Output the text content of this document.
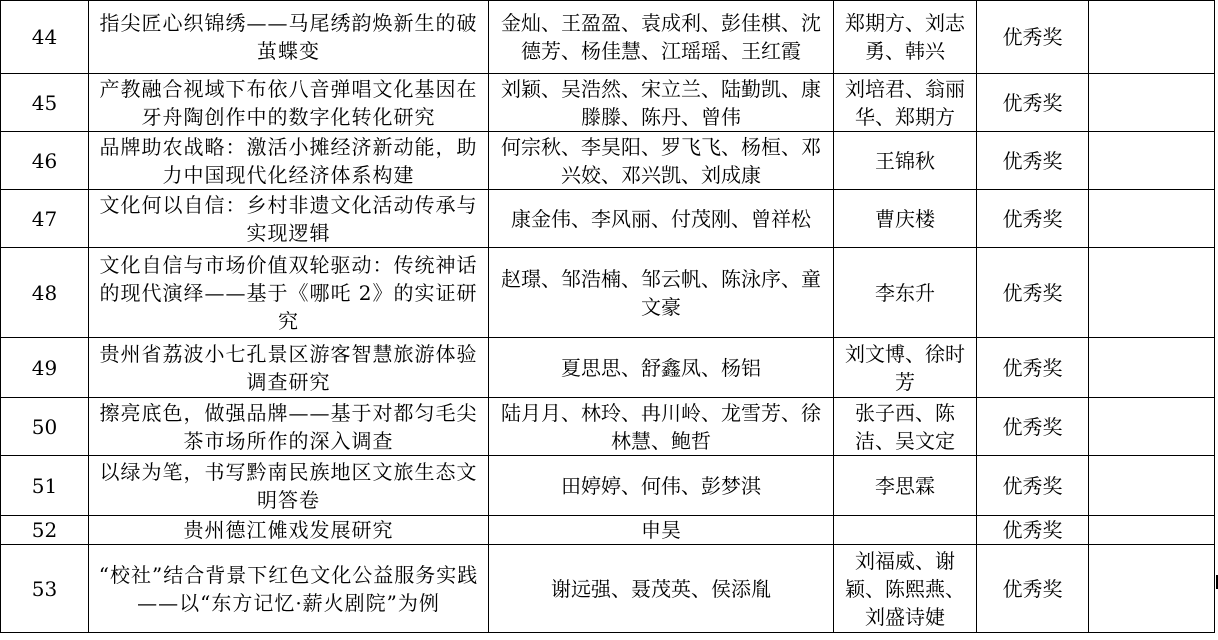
44	指尖匠心织锦绣——马尾绣韵焕新生的破茧蝶变	金灿、王盈盈、袁成利、彭佳棋、沈德芳、杨佳慧、江瑶瑶、王红霞	郑期方、刘志勇、韩兴	优秀奖	
45	产教融合视域下布依八音弹唱文化基因在牙舟陶创作中的数字化转化研究	刘颖、吴浩然、宋立兰、陆勤凯、康滕滕、陈丹、曾伟	刘培君、翁丽华、郑期方	优秀奖	
46	品牌助农战略：激活小摊经济新动能，助力中国现代化经济体系构建	何宗秋、李昊阳、罗飞飞、杨桓、邓兴姣、邓兴凯、刘成康	王锦秋	优秀奖	
47	文化何以自信：乡村非遗文化活动传承与实现逻辑	康金伟、李风丽、付茂刚、曾祥松	曹庆楼	优秀奖	
48	文化自信与市场价值双轮驱动：传统神话的现代演绎——基于《哪吒 2》的实证研究	赵璟、邹浩楠、邹云帆、陈泳序、童文豪	李东升	优秀奖	
49	贵州省荔波小七孔景区游客智慧旅游体验调查研究	夏思思、舒鑫凤、杨铝	刘文博、徐时芳	优秀奖	
50	擦亮底色，做强品牌——基于对都匀毛尖茶市场所作的深入调查	陆月月、林玲、冉川岭、龙雪芳、徐林慧、鲍哲	张子西、陈洁、吴文定	优秀奖	
51	以绿为笔，书写黔南民族地区文旅生态文明答卷	田婷婷、何伟、彭梦淇	李思霖	优秀奖	
52	贵州德江傩戏发展研究	申昊		优秀奖	
53	“校社”结合背景下红色文化公益服务实践——以“东方记忆·薪火剧院”为例	谢远强、聂茂英、侯添胤	刘福威、谢颖、陈熙燕、刘盛诗婕	优秀奖	
